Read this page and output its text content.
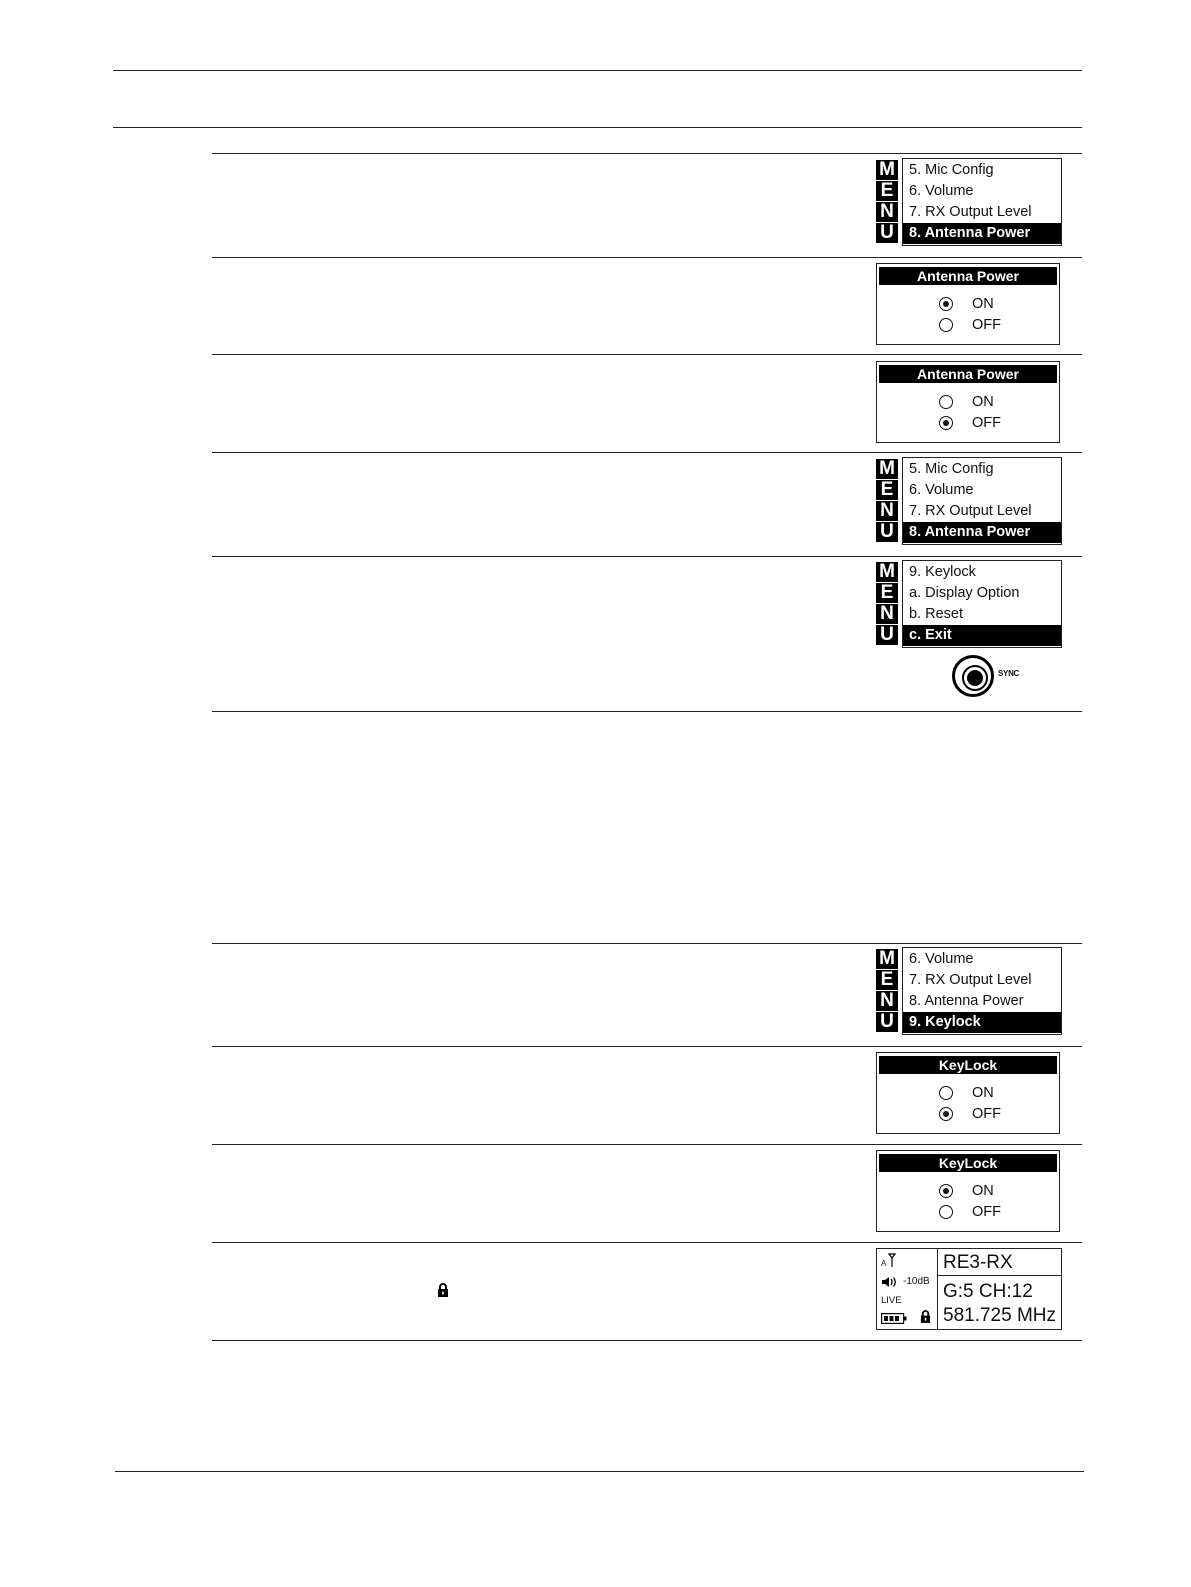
M
E
N
U
5. Mic Config
6. Volume
7. RX Output Level
8. Antenna Power
Antenna Power
ON
OFF
Antenna Power
ON
OFF
M
E
N
U
5. Mic Config
6. Volume
7. RX Output Level
8. Antenna Power
M
E
N
U
9. Keylock
a. Display Option
b. Reset
c. Exit
SYNC
M
E
N
U
6. Volume
7. RX Output Level
8. Antenna Power
9. Keylock
KeyLock
ON
OFF
KeyLock
ON
OFF
RE3-RX
G:5 CH:12
581.725 MHz
A
-10dB
LIVE
